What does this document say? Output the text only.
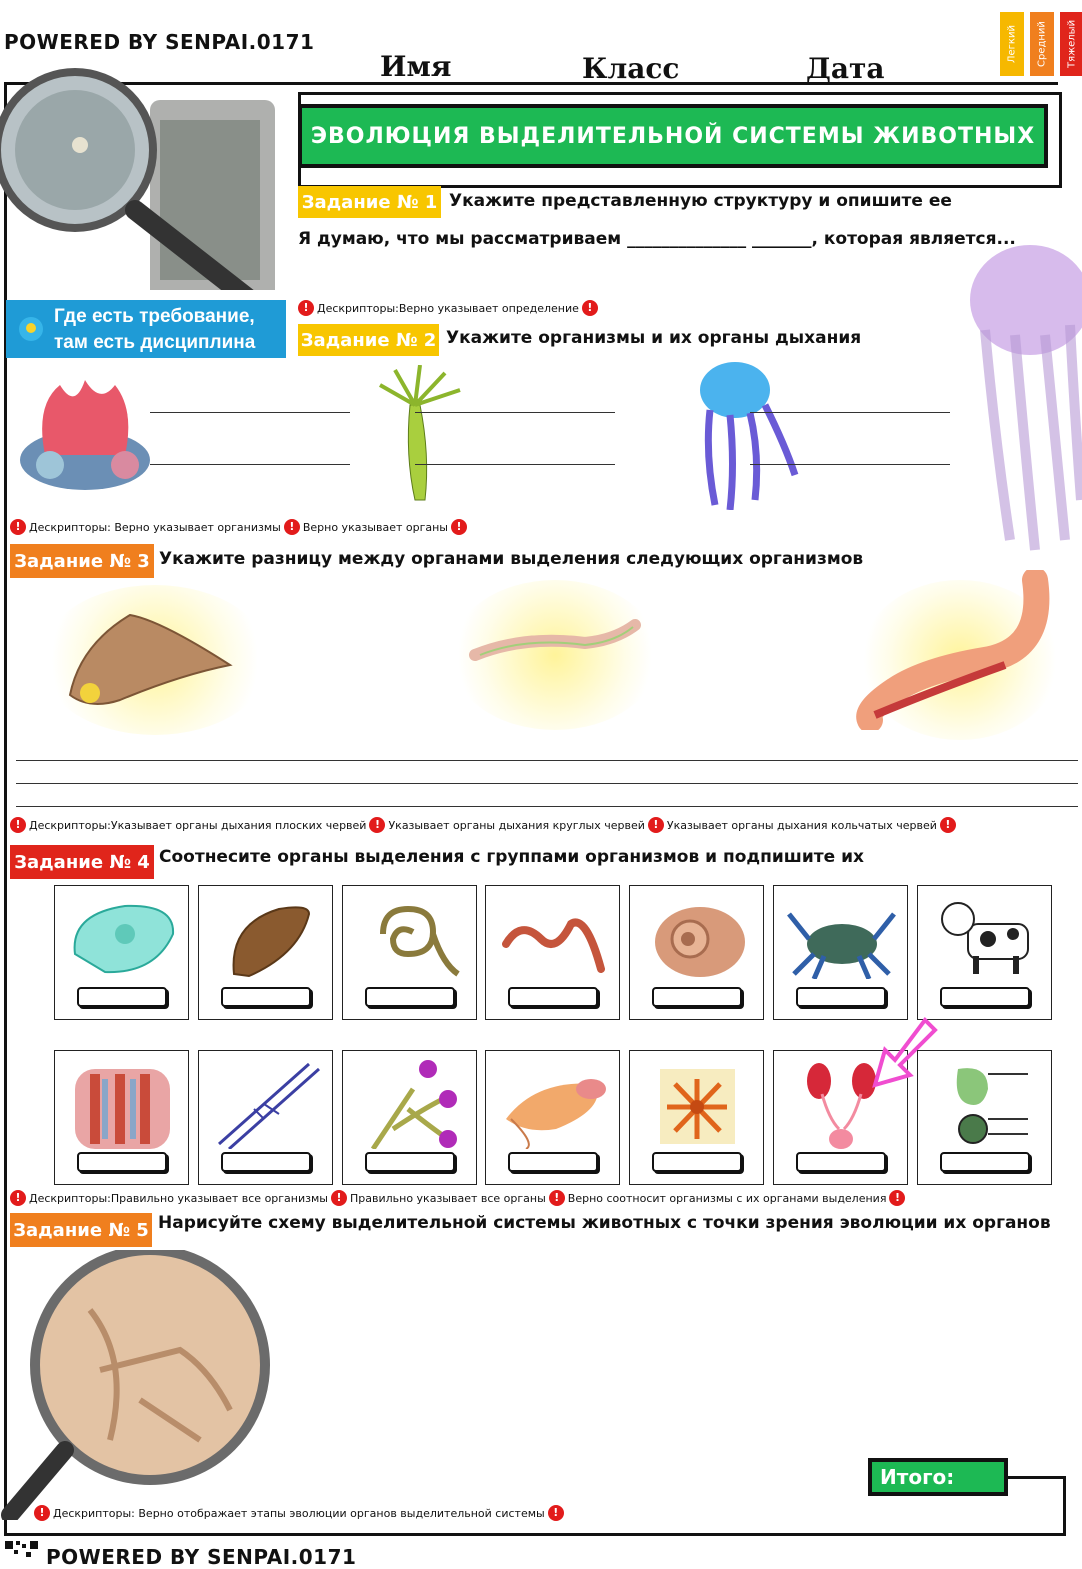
POWERED BY SENPAI.0171
Имя	Класс	Дата
Легкий	Средний	Тяжелый
ЭВОЛЮЦИЯ ВЫДЕЛИТЕЛЬНОЙ СИСТЕМЫ ЖИВОТНЫХ
Где есть требование,
там есть дисциплина
Задание № 1 Укажите представленную структуру и опишите ее
Я думаю, что мы рассматриваем ______________ _______, которая является...
! Дескрипторы:Верно указывает определение !
Задание № 2 Укажите организмы и их органы дыхания
! Дескрипторы: Верно указывает организмы ! Верно указывает органы !
Задание № 3 Укажите разницу между органами выделения следующих организмов
! Дескрипторы:Указывает органы дыхания плоских червей ! Указывает органы дыхания круглых червей ! Указывает органы дыхания кольчатых червей !
Задание № 4 Соотнесите органы выделения с группами организмов и подпишите их
! Дескрипторы:Правильно указывает все организмы ! Правильно указывает все органы ! Верно соотносит организмы с их органами выделения !
Задание № 5 Нарисуйте схему выделительной системы животных с точки зрения эволюции их органов
! Дескрипторы: Верно отображает этапы эволюции органов выделительной системы !
Итого:
POWERED BY SENPAI.0171
